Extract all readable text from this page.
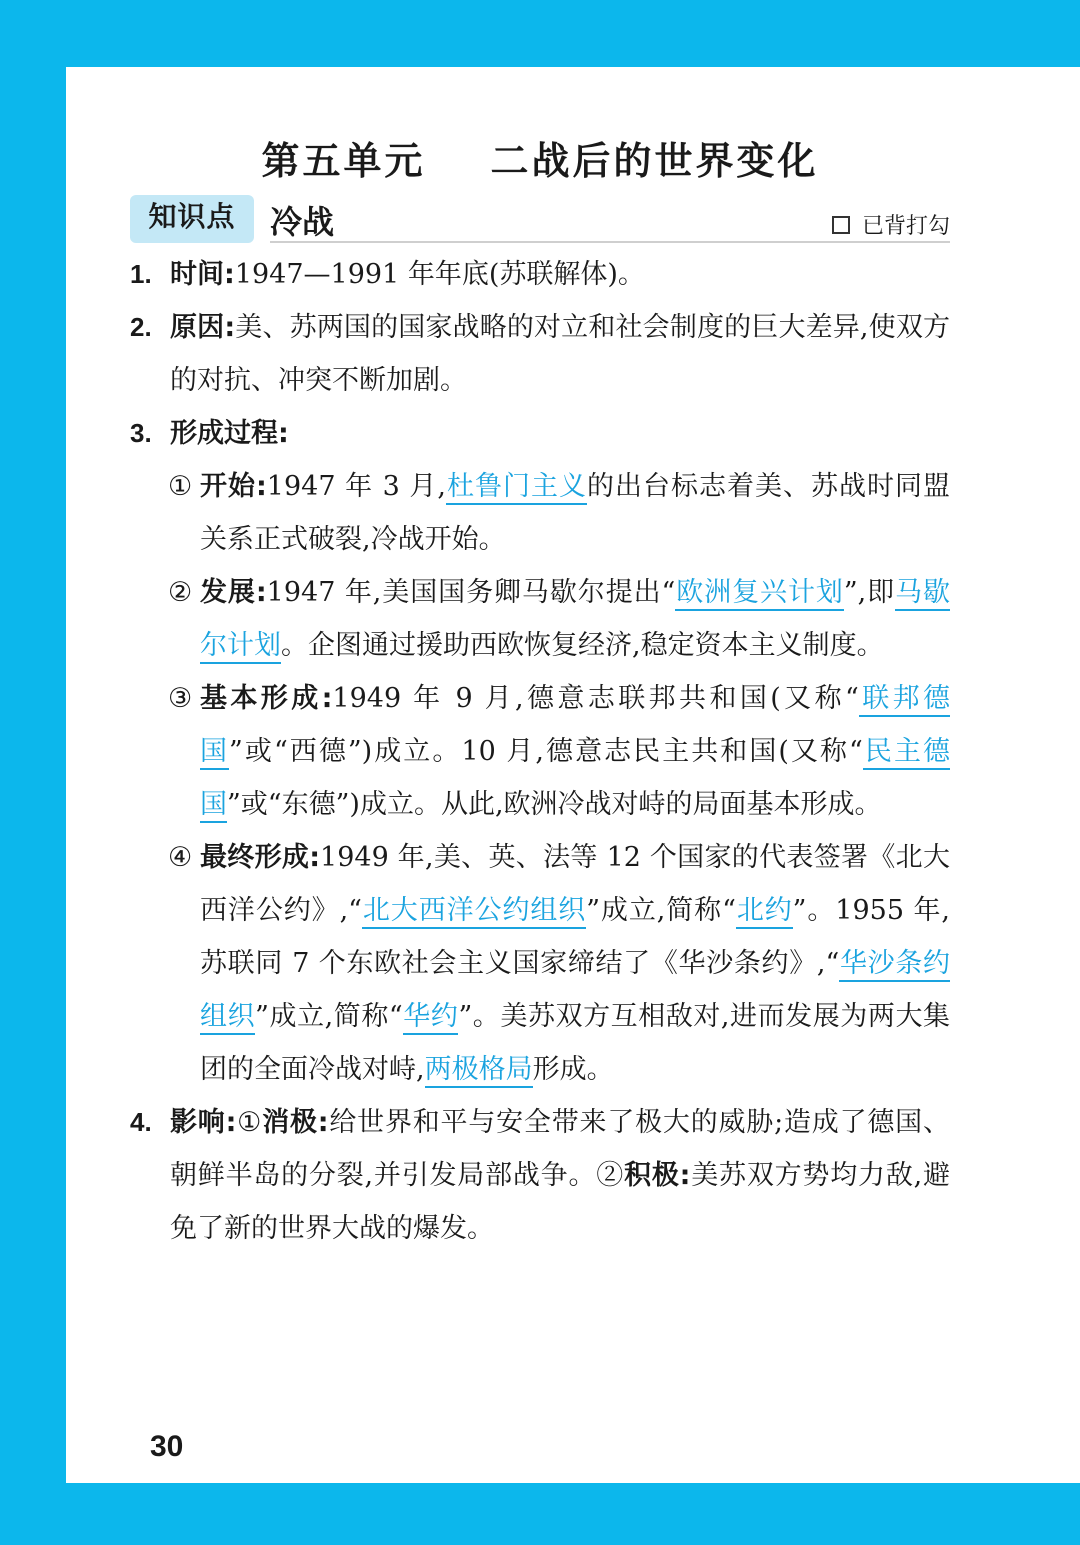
第五单元    二战后的世界变化
知识点	冷战	已背打勾
1. 时间:1947—1991 年年底(苏联解体)。
2. 原因:美、苏两国的国家战略的对立和社会制度的巨大差异,使双方的对抗、冲突不断加剧。
3. 形成过程:
① 开始:1947 年 3 月,杜鲁门主义的出台标志着美、苏战时同盟关系正式破裂,冷战开始。
② 发展:1947 年,美国国务卿马歇尔提出“欧洲复兴计划”,即马歇尔计划。企图通过援助西欧恢复经济,稳定资本主义制度。
③ 基本形成:1949 年 9 月,德意志联邦共和国(又称“联邦德国”或“西德”)成立。10 月,德意志民主共和国(又称“民主德国”或“东德”)成立。从此,欧洲冷战对峙的局面基本形成。
④ 最终形成:1949 年,美、英、法等 12 个国家的代表签署《北大西洋公约》,“北大西洋公约组织”成立,简称“北约”。1955 年,苏联同 7 个东欧社会主义国家缔结了《华沙条约》,“华沙条约组织”成立,简称“华约”。美苏双方互相敌对,进而发展为两大集团的全面冷战对峙,两极格局形成。
4. 影响:①消极:给世界和平与安全带来了极大的威胁;造成了德国、朝鲜半岛的分裂,并引发局部战争。②积极:美苏双方势均力敌,避免了新的世界大战的爆发。
30
